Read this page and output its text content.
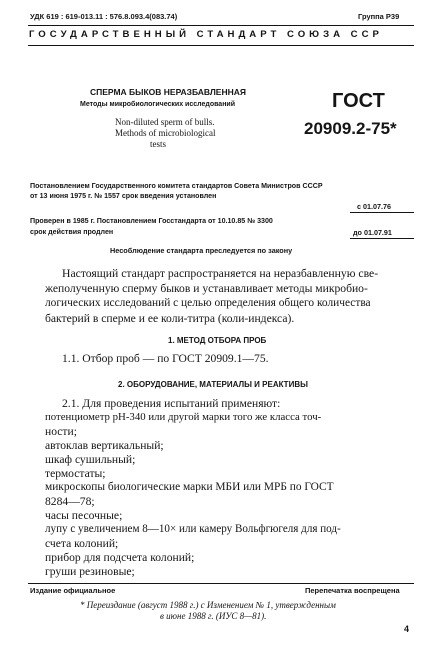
УДК 619 : 619-013.11 : 576.8.093.4(083.74)	Группа Р39
ГОСУДАРСТВЕННЫЙ СТАНДАРТ СОЮЗА ССР
СПЕРМА БЫКОВ НЕРАЗБАВЛЕННАЯ
Методы микробиологических исследований
Non-diluted sperm of bulls.
Methods of microbiological
tests
ГОСТ
20909.2-75*
Постановлением Государственного комитета стандартов Совета Министров СССР
от 13 июня 1975 г. № 1557 срок введения установлен
с 01.07.76
Проверен в 1985 г. Постановлением Госстандарта от 10.10.85 № 3300
срок действия продлен	до 01.07.91
Несоблюдение стандарта преследуется по закону
Настоящий стандарт распространяется на неразбавленную све-
жеполученную сперму быков и устанавливает методы микробио-
логических исследований с целью определения общего количества
бактерий в сперме и ее коли-титра (коли-индекса).
1. МЕТОД ОТБОРА ПРОБ
1.1. Отбор проб — по ГОСТ 20909.1—75.
2. ОБОРУДОВАНИЕ, МАТЕРИАЛЫ И РЕАКТИВЫ
2.1. Для проведения испытаний применяют:
потенциометр pH-340 или другой марки того же класса точ-
ности;
автоклав вертикальный;
шкаф сушильный;
термостаты;
микроскопы биологические марки МБИ или МРБ по ГОСТ
8284—78;
часы песочные;
лупу с увеличением 8—10× или камеру Вольфгюгеля для под-
счета колоний;
прибор для подсчета колоний;
груши резиновые;
Издание официальное	Перепечатка воспрещена
* Переиздание (август 1988 г.) с Изменением № 1, утвержденным
в июне 1988 г. (ИУС 8—81).
4
